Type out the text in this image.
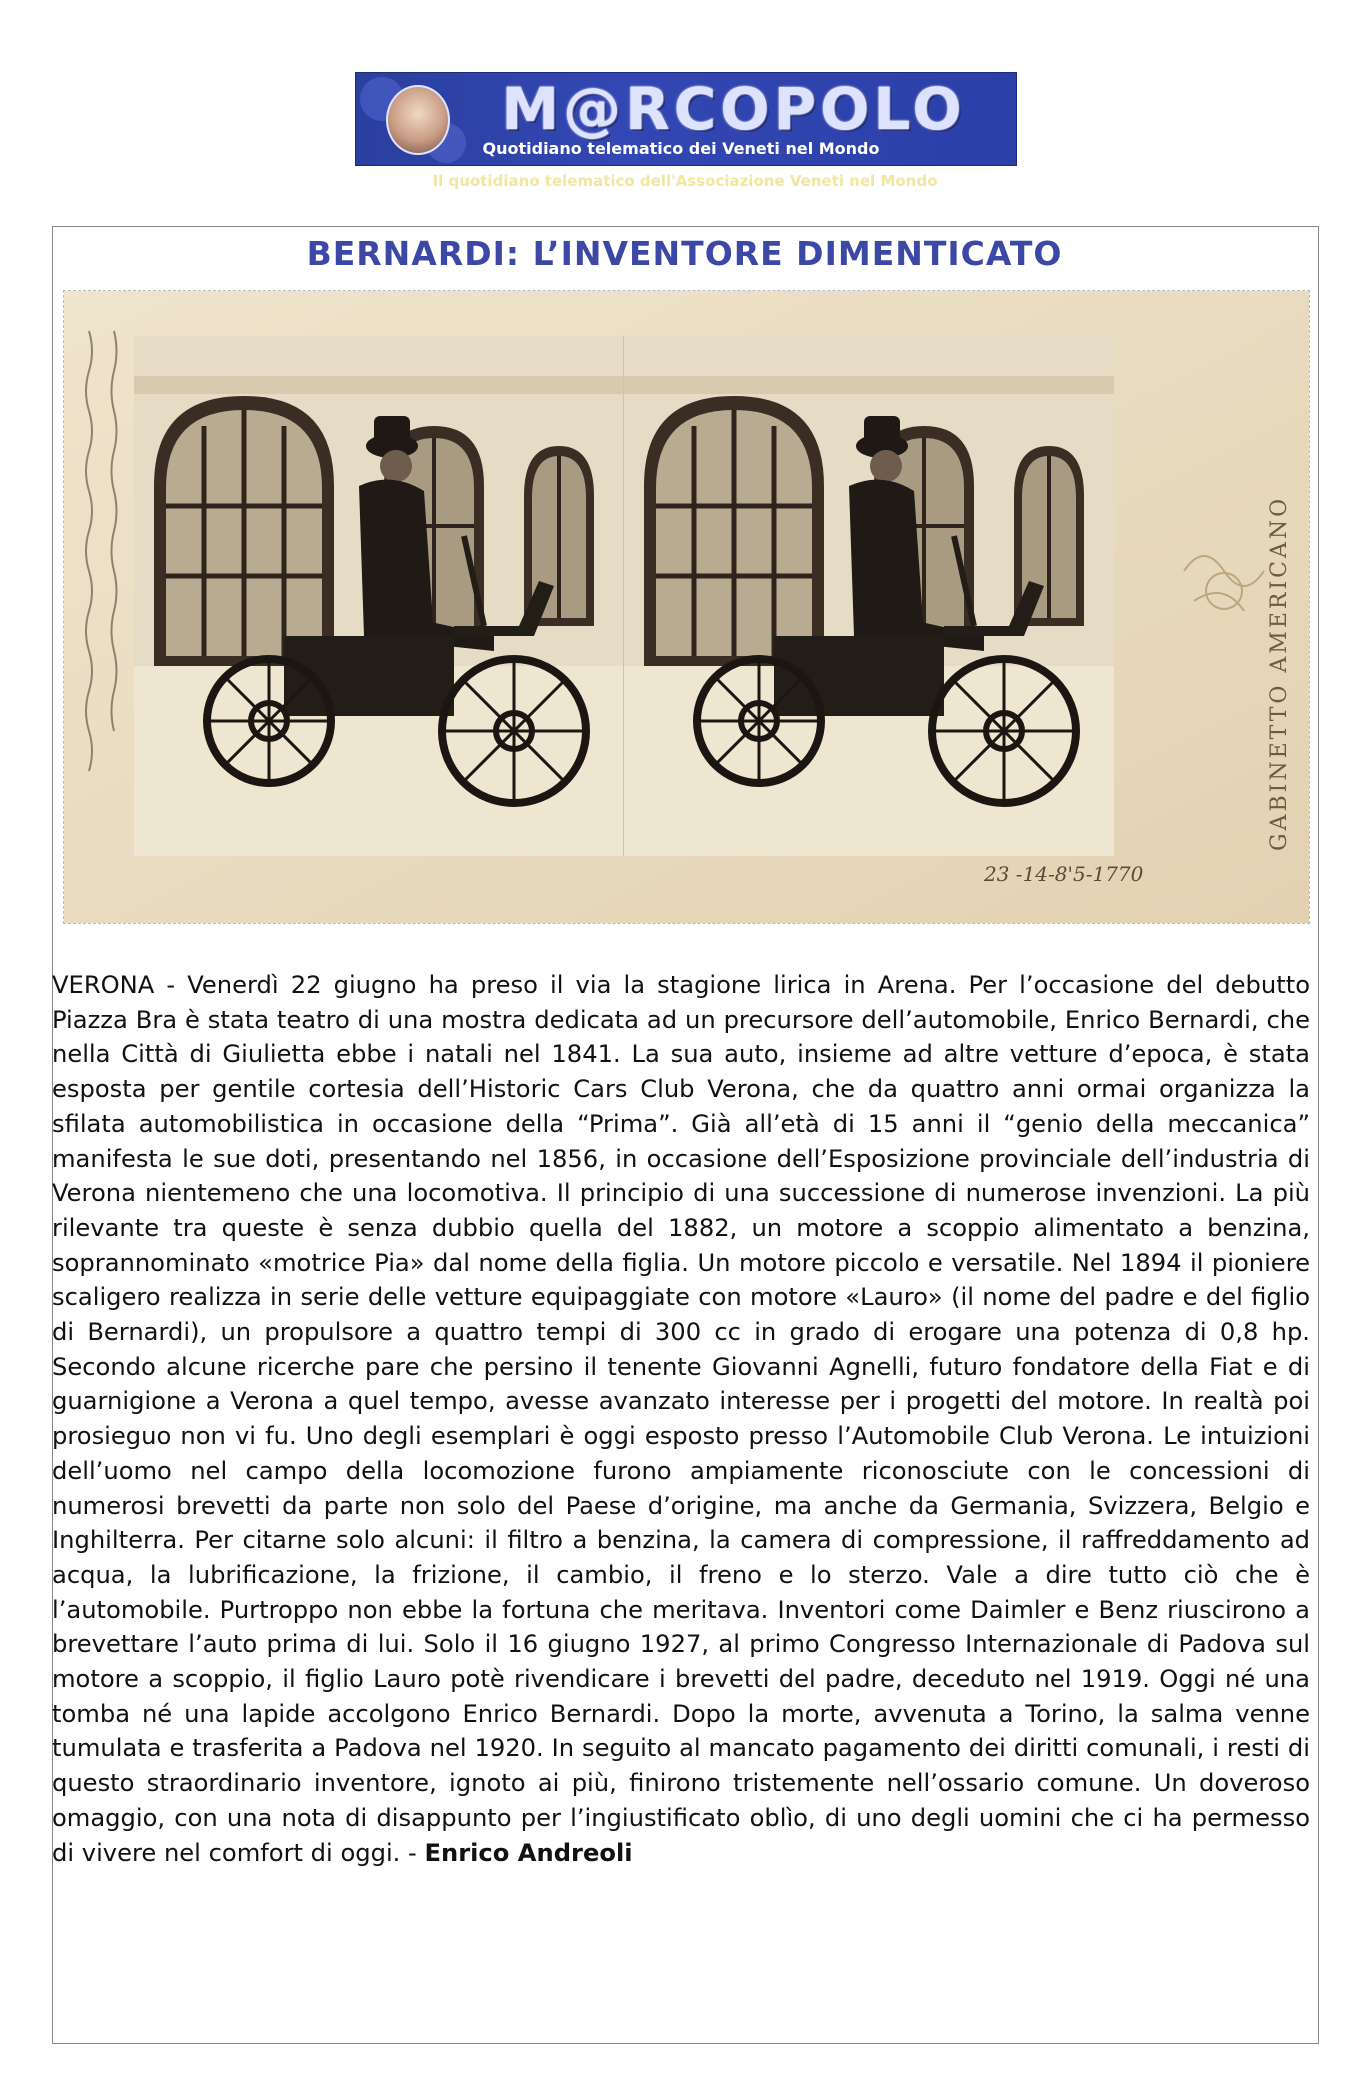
M@RCOPOLO
Quotidiano telematico dei Veneti nel Mondo
Il quotidiano telematico dell'Associazione Veneti nel Mondo
BERNARDI: L’INVENTORE DIMENTICATO
GABINETTO AMERICANO
23 -14-8'5-1770
VERONA - Venerdì 22 giugno ha preso il via la stagione lirica in Arena. Per l’occasione del debutto Piazza Bra è stata teatro di una mostra dedicata ad un precursore dell’automobile, Enrico Bernardi, che nella Città di Giulietta ebbe i natali nel 1841. La sua auto, insieme ad altre vetture d’epoca, è stata esposta per gentile cortesia dell’Historic Cars Club Verona, che da quattro anni ormai organizza la sfilata automobilistica in occasione della “Prima”. Già all’età di 15 anni il “genio della meccanica” manifesta le sue doti, presentando nel 1856, in occasione dell’Esposizione provinciale dell’industria di Verona nientemeno che una locomotiva. Il principio di una successione di numerose invenzioni. La più rilevante tra queste è senza dubbio quella del 1882, un motore a scoppio alimentato a benzina, soprannominato «motrice Pia» dal nome della figlia. Un motore piccolo e versatile. Nel 1894 il pioniere scaligero realizza in serie delle vetture equipaggiate con motore «Lauro» (il nome del padre e del figlio di Bernardi), un propulsore a quattro tempi di 300 cc in grado di erogare una potenza di 0,8 hp. Secondo alcune ricerche pare che persino il tenente Giovanni Agnelli, futuro fondatore della Fiat e di guarnigione a Verona a quel tempo, avesse avanzato interesse per i progetti del motore. In realtà poi prosieguo non vi fu. Uno degli esemplari è oggi esposto presso l’Automobile Club Verona. Le intuizioni dell’uomo nel campo della locomozione furono ampiamente riconosciute con le concessioni di numerosi brevetti da parte non solo del Paese d’origine, ma anche da Germania, Svizzera, Belgio e Inghilterra. Per citarne solo alcuni: il filtro a benzina, la camera di compressione, il raffreddamento ad acqua, la lubrificazione, la frizione, il cambio, il freno e lo sterzo. Vale a dire tutto ciò che è l’automobile. Purtroppo non ebbe la fortuna che meritava. Inventori come Daimler e Benz riuscirono a brevettare l’auto prima di lui. Solo il 16 giugno 1927, al primo Congresso Internazionale di Padova sul motore a scoppio, il figlio Lauro potè rivendicare i brevetti del padre, deceduto nel 1919. Oggi né una tomba né una lapide accolgono Enrico Bernardi. Dopo la morte, avvenuta a Torino, la salma venne tumulata e trasferita a Padova nel 1920. In seguito al mancato pagamento dei diritti comunali, i resti di questo straordinario inventore, ignoto ai più, finirono tristemente nell’ossario comune. Un doveroso omaggio, con una nota di disappunto per l’ingiustificato oblìo, di uno degli uomini che ci ha permesso di vivere nel comfort di oggi. - Enrico Andreoli
